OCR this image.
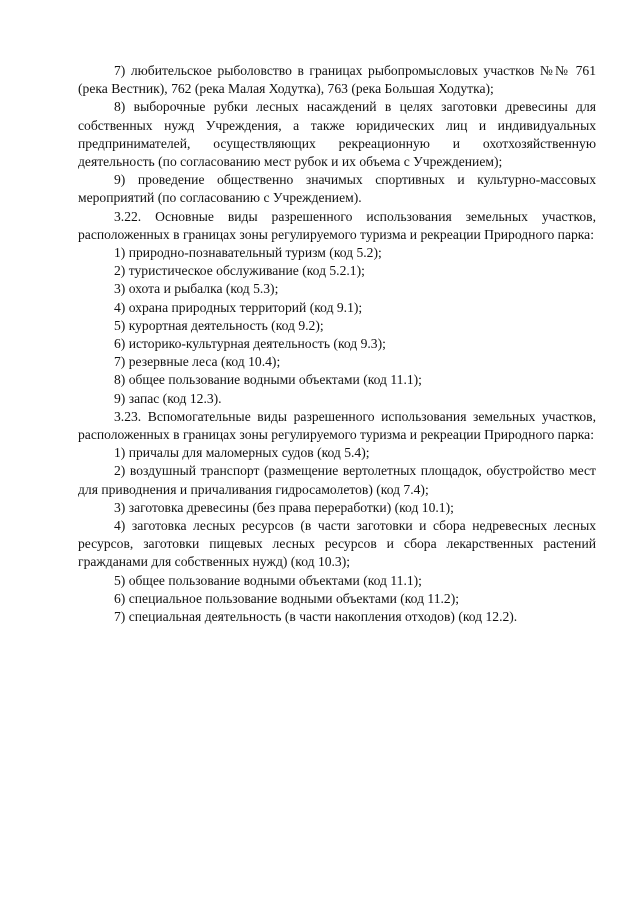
7) любительское рыболовство в границах рыбопромысловых участков №№ 761 (река Вестник), 762 (река Малая Ходутка), 763 (река Большая Ходутка);

8) выборочные рубки лесных насаждений в целях заготовки древесины для собственных нужд Учреждения, а также юридических лиц и индивидуальных предпринимателей, осуществляющих рекреационную и охотхозяйственную деятельность (по согласованию мест рубок и их объема с Учреждением);

9) проведение общественно значимых спортивных и культурно-массовых мероприятий (по согласованию с Учреждением).

3.22. Основные виды разрешенного использования земельных участков, расположенных в границах зоны регулируемого туризма и рекреации Природного парка:

1) природно-познавательный туризм (код 5.2);

2) туристическое обслуживание (код 5.2.1);

3) охота и рыбалка (код 5.3);

4) охрана природных территорий (код 9.1);

5) курортная деятельность (код 9.2);

6) историко-культурная деятельность (код 9.3);

7) резервные леса (код 10.4);

8) общее пользование водными объектами (код 11.1);

9) запас (код 12.3).

3.23. Вспомогательные виды разрешенного использования земельных участков, расположенных в границах зоны регулируемого туризма и рекреации Природного парка:

1) причалы для маломерных судов (код 5.4);

2) воздушный транспорт (размещение вертолетных площадок, обустройство мест для приводнения и причаливания гидросамолетов) (код 7.4);

3) заготовка древесины (без права переработки) (код 10.1);

4) заготовка лесных ресурсов (в части заготовки и сбора недревесных лесных ресурсов, заготовки пищевых лесных ресурсов и сбора лекарственных растений гражданами для собственных нужд) (код 10.3);

5) общее пользование водными объектами (код 11.1);

6) специальное пользование водными объектами (код 11.2);

7) специальная деятельность (в части накопления отходов) (код 12.2).
